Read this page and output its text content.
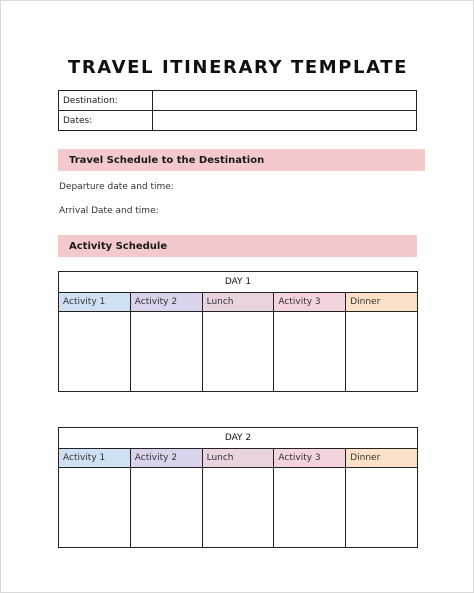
TRAVEL ITINERARY TEMPLATE
Destination:	
Dates:	
Travel Schedule to the Destination
Departure date and time:
Arrival Date and time:
Activity Schedule
DAY 1				
Activity 1	Activity 2	Lunch	Activity 3	Dinner

DAY 2				
Activity 1	Activity 2	Lunch	Activity 3	Dinner
